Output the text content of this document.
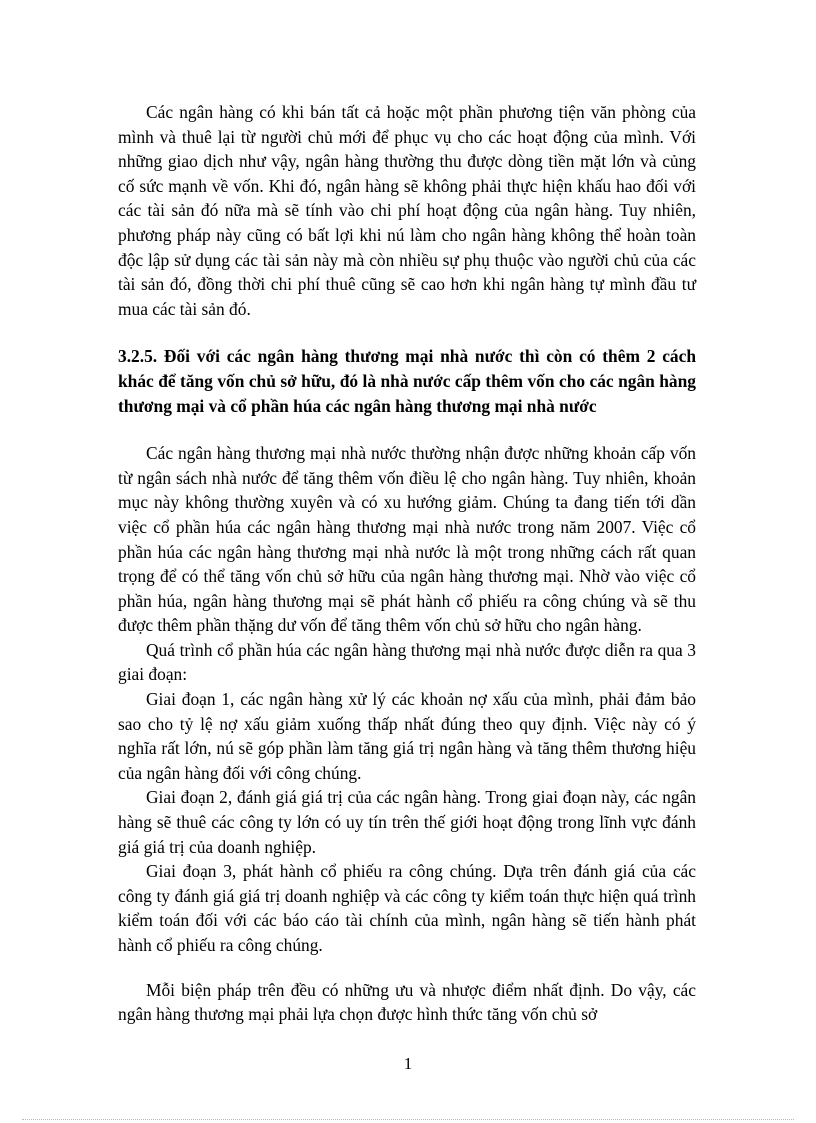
Các ngân hàng có khi bán tất cả hoặc một phần phương tiện văn phòng của mình và thuê lại từ người chủ mới để phục vụ cho các hoạt động của mình. Với những giao dịch như vậy, ngân hàng thường thu được dòng tiền mặt lớn và củng cố sức mạnh về vốn. Khi đó, ngân hàng sẽ không phải thực hiện khấu hao đối với các tài sản đó nữa mà sẽ tính vào chi phí hoạt động của ngân hàng. Tuy nhiên, phương pháp này cũng có bất lợi khi nú làm cho ngân hàng không thể hoàn toàn độc lập sử dụng các tài sản này mà còn nhiều sự phụ thuộc vào người chủ của các tài sản đó, đồng thời chi phí thuê cũng sẽ cao hơn khi ngân hàng tự mình đầu tư mua các tài sản đó.

3.2.5. Đối với các ngân hàng thương mại nhà nước thì còn có thêm 2 cách khác để tăng vốn chủ sở hữu, đó là nhà nước cấp thêm vốn cho các ngân hàng thương mại và cổ phần húa các ngân hàng thương mại nhà nước

Các ngân hàng thương mại nhà nước thường nhận được những khoản cấp vốn từ ngân sách nhà nước để tăng thêm vốn điều lệ cho ngân hàng. Tuy nhiên, khoản mục này không thường xuyên và có xu hướng giảm. Chúng ta đang tiến tới dần việc cổ phần húa các ngân hàng thương mại nhà nước trong năm 2007. Việc cổ phần húa các ngân hàng thương mại nhà nước là một trong những cách rất quan trọng để có thể tăng vốn chủ sở hữu của ngân hàng thương mại. Nhờ vào việc cổ phần húa, ngân hàng thương mại sẽ phát hành cổ phiếu ra công chúng và sẽ thu được thêm phần thặng dư vốn để tăng thêm vốn chủ sở hữu cho ngân hàng.

Quá trình cổ phần húa các ngân hàng thương mại nhà nước được diễn ra qua 3 giai đoạn:

Giai đoạn 1, các ngân hàng xử lý các khoản nợ xấu của mình, phải đảm bảo sao cho tỷ lệ nợ xấu giảm xuống thấp nhất đúng theo quy định. Việc này có ý nghĩa rất lớn, nú sẽ góp phần làm tăng giá trị ngân hàng và tăng thêm thương hiệu của ngân hàng đối với công chúng.

Giai đoạn 2, đánh giá giá trị của các ngân hàng. Trong giai đoạn này, các ngân hàng sẽ thuê các công ty lớn có uy tín trên thế giới hoạt động trong lĩnh vực đánh giá giá trị của doanh nghiệp.

Giai đoạn 3, phát hành cổ phiếu ra công chúng. Dựa trên đánh giá của các công ty đánh giá giá trị doanh nghiệp và các công ty kiểm toán thực hiện quá trình kiểm toán đối với các báo cáo tài chính của mình, ngân hàng sẽ tiến hành phát hành cổ phiếu ra công chúng.

Mỗi biện pháp trên đều có những ưu và nhược điểm nhất định. Do vậy, các ngân hàng thương mại phải lựa chọn được hình thức tăng vốn chủ sở

1
